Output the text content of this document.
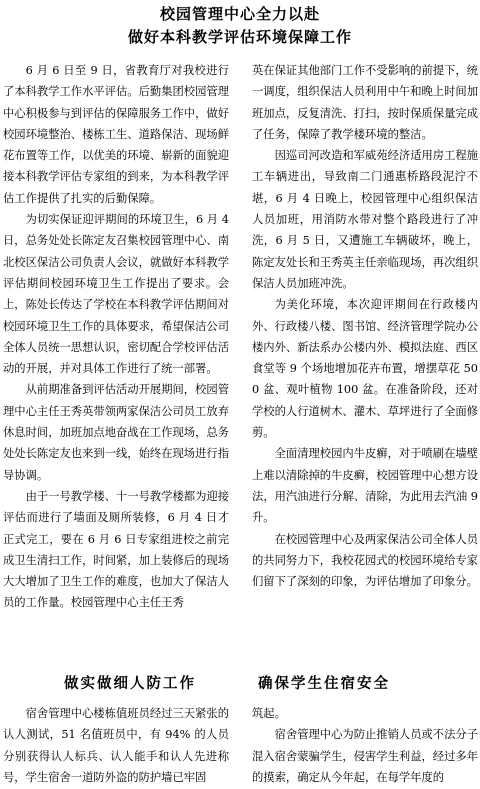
校园管理中心全力以赴
做好本科教学评估环境保障工作

6 月 6 日至 9 日，省教育厅对我校进行了本科教学工作水平评估。后勤集团校园管理中心积极参与到评估的保障服务工作中，做好校园环境整治、楼栋工生、道路保洁、现场鲜花布置等工作，以优美的环境、崭新的面貌迎接本科教学评估专家组的到来，为本科教学评估工作提供了扎实的后勤保障。

为切实保证迎评期间的环境卫生，6 月 4 日，总务处处长陈定友召集校园管理中心、南北校区保洁公司负责人会议，就做好本科教学评估期间校园环境卫生工作提出了要求。会上，陈处长传达了学校在本科教学评估期间对校园环境卫生工作的具体要求，希望保洁公司全体人员统一思想认识，密切配合学校评估活动的开展，并对具体工作进行了统一部署。

从前期准备到评估活动开展期间，校园管理中心主任王秀英带领两家保洁公司员工放弃休息时间，加班加点地奋战在工作现场，总务处处长陈定友也来到一线，始终在现场进行指导协调。

由于一号教学楼、十一号教学楼都为迎接评估而进行了墙面及厕所装修，6 月 4 日才正式完工，要在 6 月 6 日专家组进校之前完成卫生清扫工作，时间紧，加上装修后的现场大大增加了卫生工作的难度，也加大了保洁人员的工作量。校园管理中心主任王秀

英在保证其他部门工作不受影响的前提下，统一调度，组织保洁人员利用中午和晚上时间加班加点，反复清洗、打扫，按时保质保量完成了任务，保障了教学楼环境的整洁。

因巡司河改造和军威苑经济适用房工程施工车辆进出，导致南二门通惠桥路段泥泞不堪，6 月 4 日晚上，校园管理中心组织保洁人员加班，用消防水带对整个路段进行了冲洗，6 月 5 日，又遭施工车辆破坏，晚上，陈定友处长和王秀英主任亲临现场，再次组织保洁人员加班冲洗。

为美化环境，本次迎评期间在行政楼内外、行政楼八楼、图书馆、经济管理学院办公楼内外、新法系办公楼内外、模拟法庭、西区食堂等 9 个场地增加花卉布置，增摆草花 500 盆、观叶植物 100 盆。在准备阶段，还对学校的人行道树木、灌木、草坪进行了全面修剪。

全面清理校园内牛皮癣，对于喷刷在墙壁上难以清除掉的牛皮癣，校园管理中心想方设法，用汽油进行分解、清除，为此用去汽油 9 升。

在校园管理中心及两家保洁公司全体人员的共同努力下，我校花园式的校园环境给专家们留下了深刻的印象，为评估增加了印象分。

做实做细人防工作	确保学生住宿安全

宿舍管理中心楼栋值班员经过三天紧张的认人测试，51 名值班员中，有 94% 的人员分别获得认人标兵、认人能手和认人先进称号，学生宿舍一道防外盗的防护墙已牢固

筑起。

宿舍管理中心为防止推销人员或不法分子混入宿舍蒙骗学生，侵害学生利益，经过多年的摸索，确定从今年起，在每学年度的
